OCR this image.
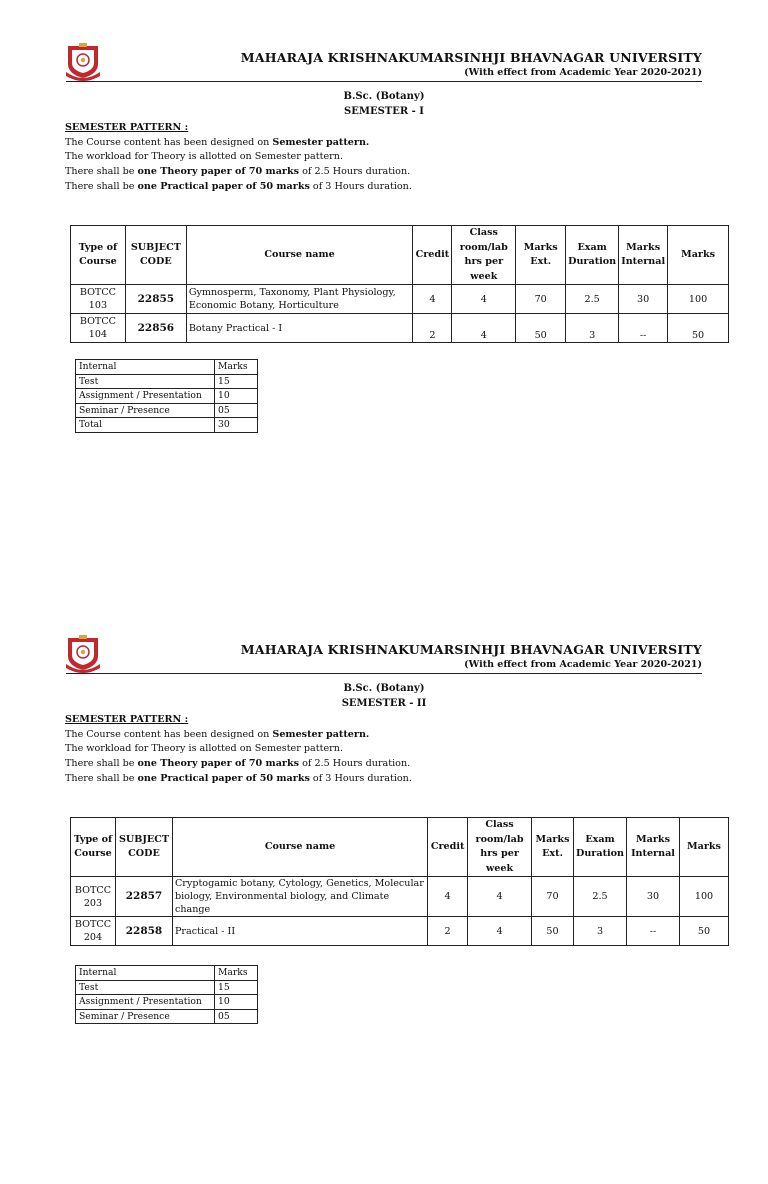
MAHARAJA KRISHNAKUMARSINHJI BHAVNAGAR UNIVERSITY
(With effect from Academic Year 2020-2021)
B.Sc. (Botany)
SEMESTER - I
SEMESTER PATTERN :
The Course content has been designed on Semester pattern.
The workload for Theory is allotted on Semester pattern.
There shall be one Theory paper of 70 marks of 2.5 Hours duration.
There shall be one Practical paper of 50 marks of 3 Hours duration.
Type of Course	SUBJECT CODE	Course name	Credit	Class room/lab hrs per week	Marks Ext.	Exam Duration	Marks Internal	Marks
BOTCC 103	22855	Gymnosperm, Taxonomy, Plant Physiology, Economic Botany, Horticulture	4	4	70	2.5	30	100
BOTCC 104	22856	Botany Practical - I	2	4	50	3	--	50
Internal	Marks
Test	15
Assignment / Presentation	10
Seminar / Presence	05
Total	30
MAHARAJA KRISHNAKUMARSINHJI BHAVNAGAR UNIVERSITY
(With effect from Academic Year 2020-2021)
B.Sc. (Botany)
SEMESTER - II
SEMESTER PATTERN :
The Course content has been designed on Semester pattern.
The workload for Theory is allotted on Semester pattern.
There shall be one Theory paper of 70 marks of 2.5 Hours duration.
There shall be one Practical paper of 50 marks of 3 Hours duration.
Type of Course	SUBJECT CODE	Course name	Credit	Class room/lab hrs per week	Marks Ext.	Exam Duration	Marks Internal	Marks
BOTCC 203	22857	Cryptogamic botany, Cytology, Genetics, Molecular biology, Environmental biology, and Climate change	4	4	70	2.5	30	100
BOTCC 204	22858	Practical - II	2	4	50	3	--	50
Internal	Marks
Test	15
Assignment / Presentation	10
Seminar / Presence	05
